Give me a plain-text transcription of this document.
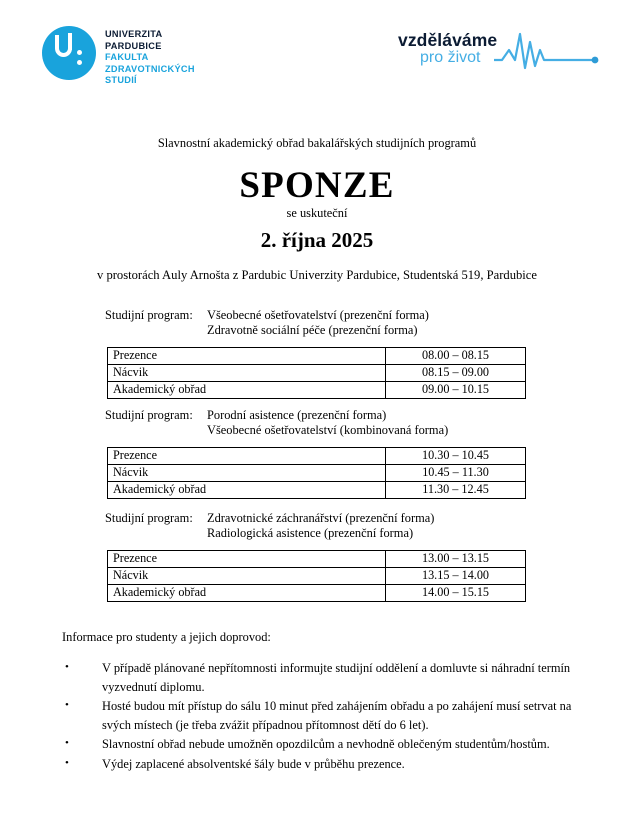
UNIVERZITA
PARDUBICE
FAKULTA
ZDRAVOTNICKÝCH
STUDIÍ
vzděláváme
pro život
Slavnostní akademický obřad bakalářských studijních programů
SPONZE
se uskuteční
2. října 2025
v prostorách Auly Arnošta z Pardubic Univerzity Pardubice, Studentská 519, Pardubice
Studijní program:	Všeobecné ošetřovatelství (prezenční forma)
Zdravotně sociální péče (prezenční forma)
Prezence	08.00 – 08.15
Nácvik	08.15 – 09.00
Akademický obřad	09.00 – 10.15
Studijní program:	Porodní asistence (prezenční forma)
Všeobecné ošetřovatelství (kombinovaná forma)
Prezence	10.30 – 10.45
Nácvik	10.45 – 11.30
Akademický obřad	11.30 – 12.45
Studijní program:	Zdravotnické záchranářství (prezenční forma)
Radiologická asistence (prezenční forma)
Prezence	13.00 – 13.15
Nácvik	13.15 – 14.00
Akademický obřad	14.00 – 15.15
Informace pro studenty a jejich doprovod:
• V případě plánované nepřítomnosti informujte studijní oddělení a domluvte si náhradní termín vyzvednutí diplomu.
• Hosté budou mít přístup do sálu 10 minut před zahájením obřadu a po zahájení musí setrvat na svých místech (je třeba zvážit případnou přítomnost dětí do 6 let).
• Slavnostní obřad nebude umožněn opozdilcům a nevhodně oblečeným studentům/hostům.
• Výdej zaplacené absolventské šály bude v průběhu prezence.
